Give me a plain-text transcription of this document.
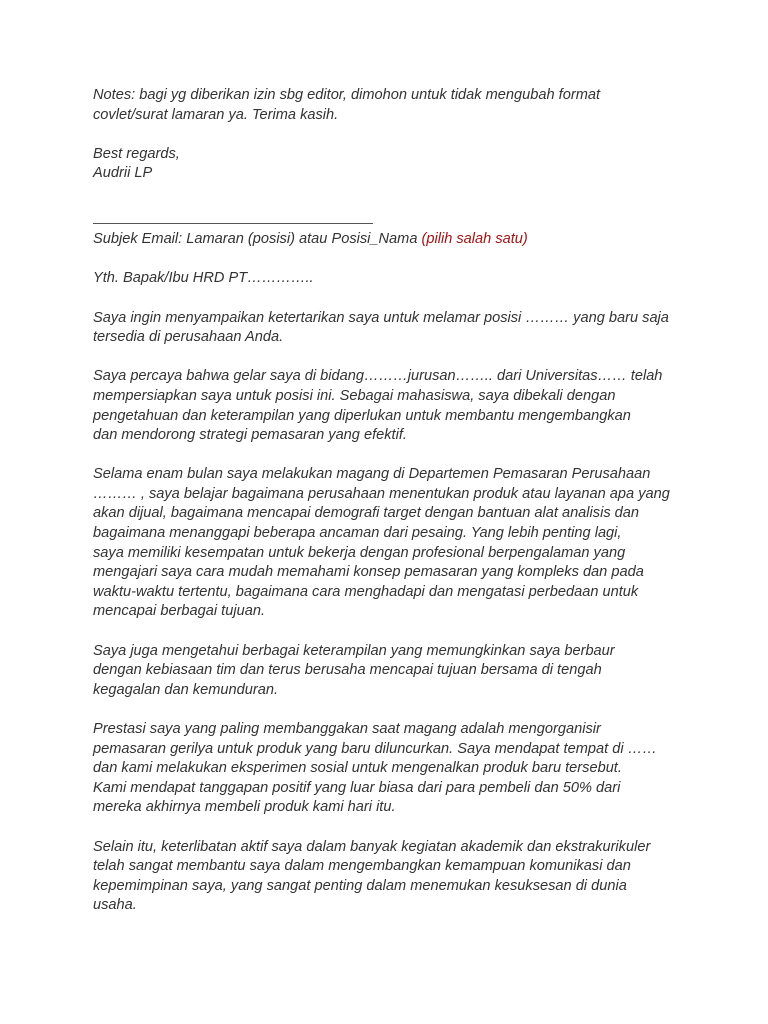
Notes: bagi yg diberikan izin sbg editor, dimohon untuk tidak mengubah format
covlet/surat lamaran ya. Terima kasih.

Best regards,
Audrii LP

Subjek Email: Lamaran (posisi) atau Posisi_Nama (pilih salah satu)

Yth. Bapak/Ibu HRD PT…………..

Saya ingin menyampaikan ketertarikan saya untuk melamar posisi ……… yang baru saja
tersedia di perusahaan Anda.

Saya percaya bahwa gelar saya di bidang………jurusan…….. dari Universitas…… telah
mempersiapkan saya untuk posisi ini. Sebagai mahasiswa, saya dibekali dengan
pengetahuan dan keterampilan yang diperlukan untuk membantu mengembangkan
dan mendorong strategi pemasaran yang efektif.

Selama enam bulan saya melakukan magang di Departemen Pemasaran Perusahaan
……… , saya belajar bagaimana perusahaan menentukan produk atau layanan apa yang
akan dijual, bagaimana mencapai demografi target dengan bantuan alat analisis dan
bagaimana menanggapi beberapa ancaman dari pesaing. Yang lebih penting lagi,
saya memiliki kesempatan untuk bekerja dengan profesional berpengalaman yang
mengajari saya cara mudah memahami konsep pemasaran yang kompleks dan pada
waktu-waktu tertentu, bagaimana cara menghadapi dan mengatasi perbedaan untuk
mencapai berbagai tujuan.

Saya juga mengetahui berbagai keterampilan yang memungkinkan saya berbaur
dengan kebiasaan tim dan terus berusaha mencapai tujuan bersama di tengah
kegagalan dan kemunduran.

Prestasi saya yang paling membanggakan saat magang adalah mengorganisir
pemasaran gerilya untuk produk yang baru diluncurkan. Saya mendapat tempat di ……
dan kami melakukan eksperimen sosial untuk mengenalkan produk baru tersebut.
Kami mendapat tanggapan positif yang luar biasa dari para pembeli dan 50% dari
mereka akhirnya membeli produk kami hari itu.

Selain itu, keterlibatan aktif saya dalam banyak kegiatan akademik dan ekstrakurikuler
telah sangat membantu saya dalam mengembangkan kemampuan komunikasi dan
kepemimpinan saya, yang sangat penting dalam menemukan kesuksesan di dunia
usaha.
